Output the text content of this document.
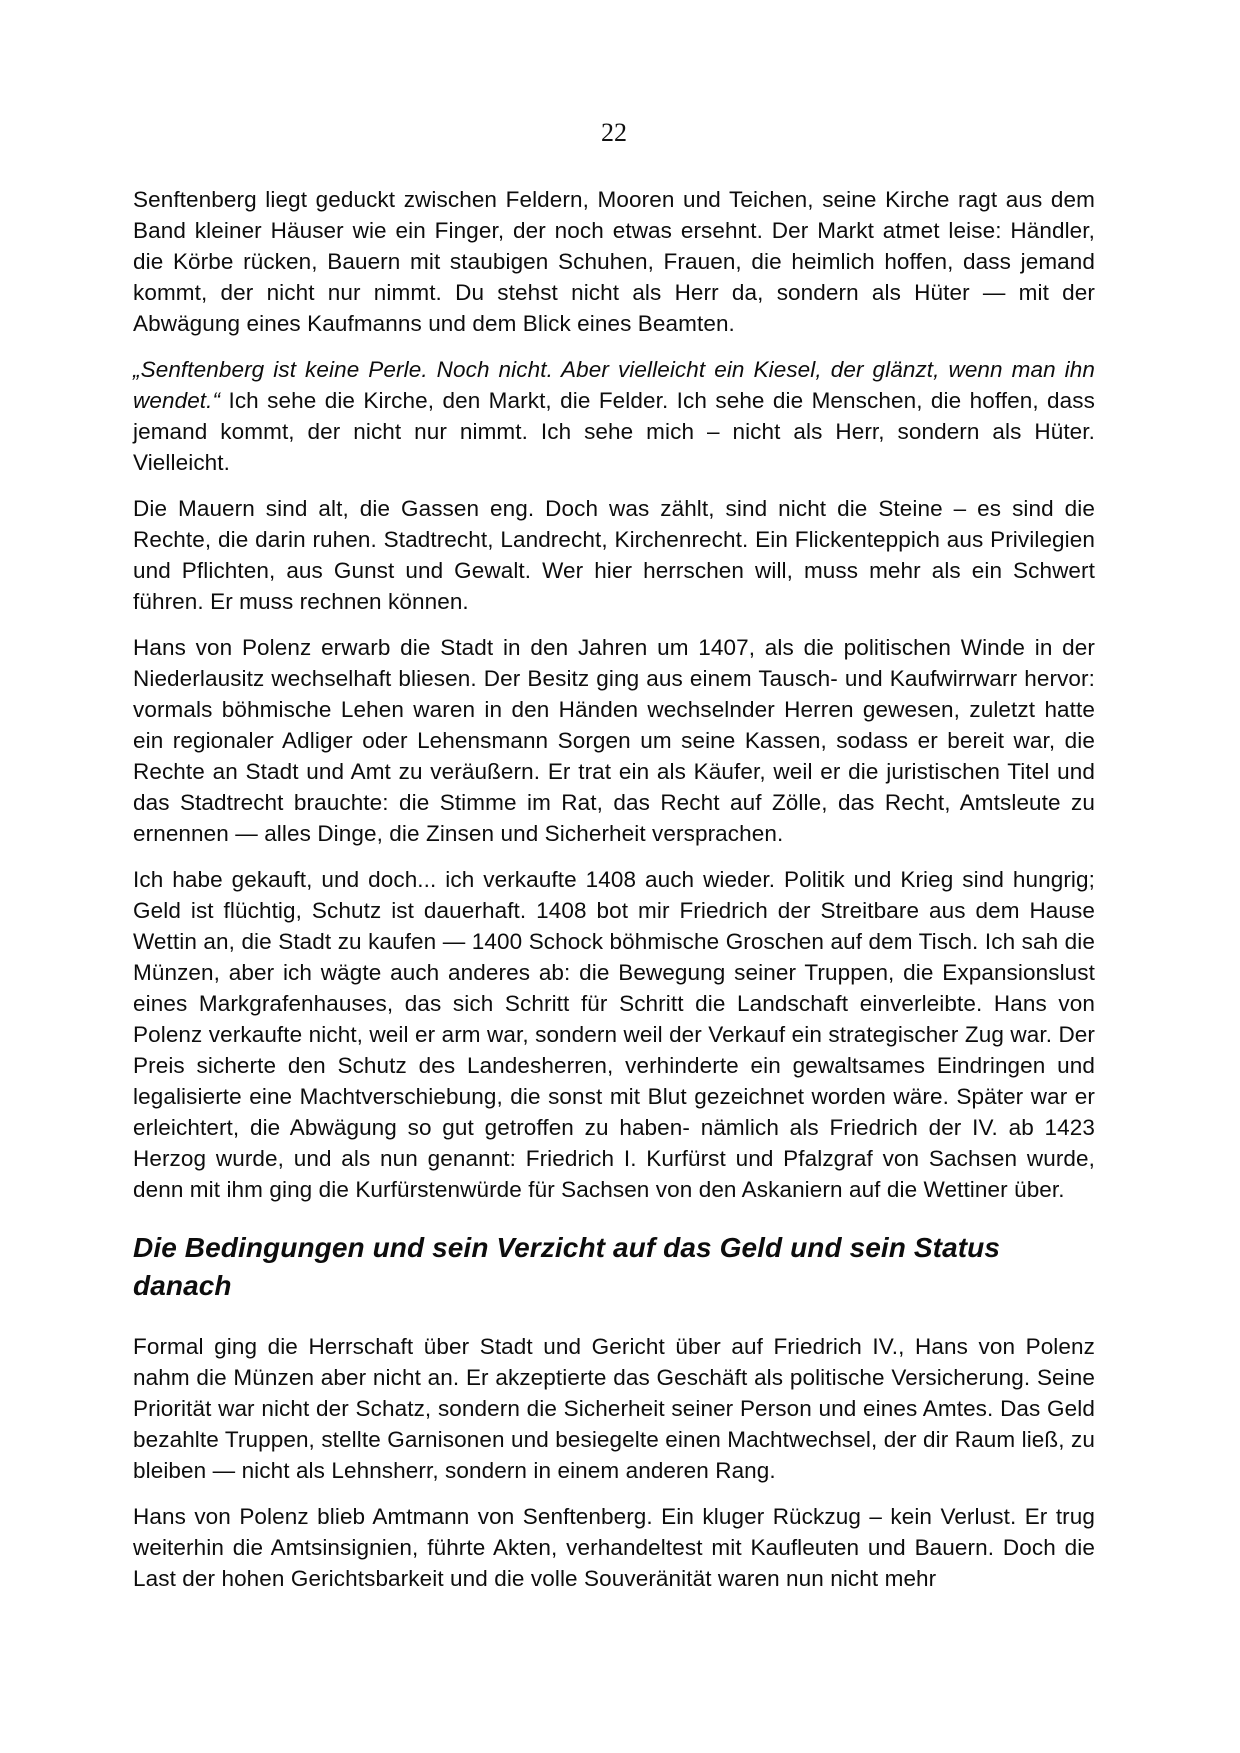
22

Senftenberg liegt geduckt zwischen Feldern, Mooren und Teichen, seine Kirche ragt aus dem Band kleiner Häuser wie ein Finger, der noch etwas ersehnt. Der Markt atmet leise: Händler, die Körbe rücken, Bauern mit staubigen Schuhen, Frauen, die heimlich hoffen, dass jemand kommt, der nicht nur nimmt. Du stehst nicht als Herr da, sondern als Hüter — mit der Abwägung eines Kaufmanns und dem Blick eines Beamten.

„Senftenberg ist keine Perle. Noch nicht. Aber vielleicht ein Kiesel, der glänzt, wenn man ihn wendet.“ Ich sehe die Kirche, den Markt, die Felder. Ich sehe die Menschen, die hoffen, dass jemand kommt, der nicht nur nimmt. Ich sehe mich – nicht als Herr, sondern als Hüter. Vielleicht.

Die Mauern sind alt, die Gassen eng. Doch was zählt, sind nicht die Steine – es sind die Rechte, die darin ruhen. Stadtrecht, Landrecht, Kirchenrecht. Ein Flickenteppich aus Privilegien und Pflichten, aus Gunst und Gewalt. Wer hier herrschen will, muss mehr als ein Schwert führen. Er muss rechnen können.

Hans von Polenz erwarb die Stadt in den Jahren um 1407, als die politischen Winde in der Niederlausitz wechselhaft bliesen. Der Besitz ging aus einem Tausch- und Kaufwirrwarr hervor: vormals böhmische Lehen waren in den Händen wechselnder Herren gewesen, zuletzt hatte ein regionaler Adliger oder Lehensmann Sorgen um seine Kassen, sodass er bereit war, die Rechte an Stadt und Amt zu veräußern. Er trat ein als Käufer, weil er die juristischen Titel und das Stadtrecht brauchte: die Stimme im Rat, das Recht auf Zölle, das Recht, Amtsleute zu ernennen — alles Dinge, die Zinsen und Sicherheit versprachen.

Ich habe gekauft, und doch... ich verkaufte 1408 auch wieder. Politik und Krieg sind hungrig; Geld ist flüchtig, Schutz ist dauerhaft. 1408 bot mir Friedrich der Streitbare aus dem Hause Wettin an, die Stadt zu kaufen — 1400 Schock böhmische Groschen auf dem Tisch. Ich sah die Münzen, aber ich wägte auch anderes ab: die Bewegung seiner Truppen, die Expansionslust eines Markgrafenhauses, das sich Schritt für Schritt die Landschaft einverleibte. Hans von Polenz verkaufte nicht, weil er arm war, sondern weil der Verkauf ein strategischer Zug war. Der Preis sicherte den Schutz des Landesherren, verhinderte ein gewaltsames Eindringen und legalisierte eine Machtverschiebung, die sonst mit Blut gezeichnet worden wäre. Später war er erleichtert, die Abwägung so gut getroffen zu haben- nämlich als Friedrich der IV. ab 1423 Herzog wurde, und als nun genannt: Friedrich I. Kurfürst und Pfalzgraf von Sachsen wurde, denn mit ihm ging die Kurfürstenwürde für Sachsen von den Askaniern auf die Wettiner über.

Die Bedingungen und sein Verzicht auf das Geld und sein Status danach

Formal ging die Herrschaft über Stadt und Gericht über auf Friedrich IV., Hans von Polenz nahm die Münzen aber nicht an. Er akzeptierte das Geschäft als politische Versicherung. Seine Priorität war nicht der Schatz, sondern die Sicherheit seiner Person und eines Amtes. Das Geld bezahlte Truppen, stellte Garnisonen und besiegelte einen Machtwechsel, der dir Raum ließ, zu bleiben — nicht als Lehnsherr, sondern in einem anderen Rang.

Hans von Polenz blieb Amtmann von Senftenberg. Ein kluger Rückzug – kein Verlust. Er trug weiterhin die Amtsinsignien, führte Akten, verhandeltest mit Kaufleuten und Bauern. Doch die Last der hohen Gerichtsbarkeit und die volle Souveränität waren nun nicht mehr
